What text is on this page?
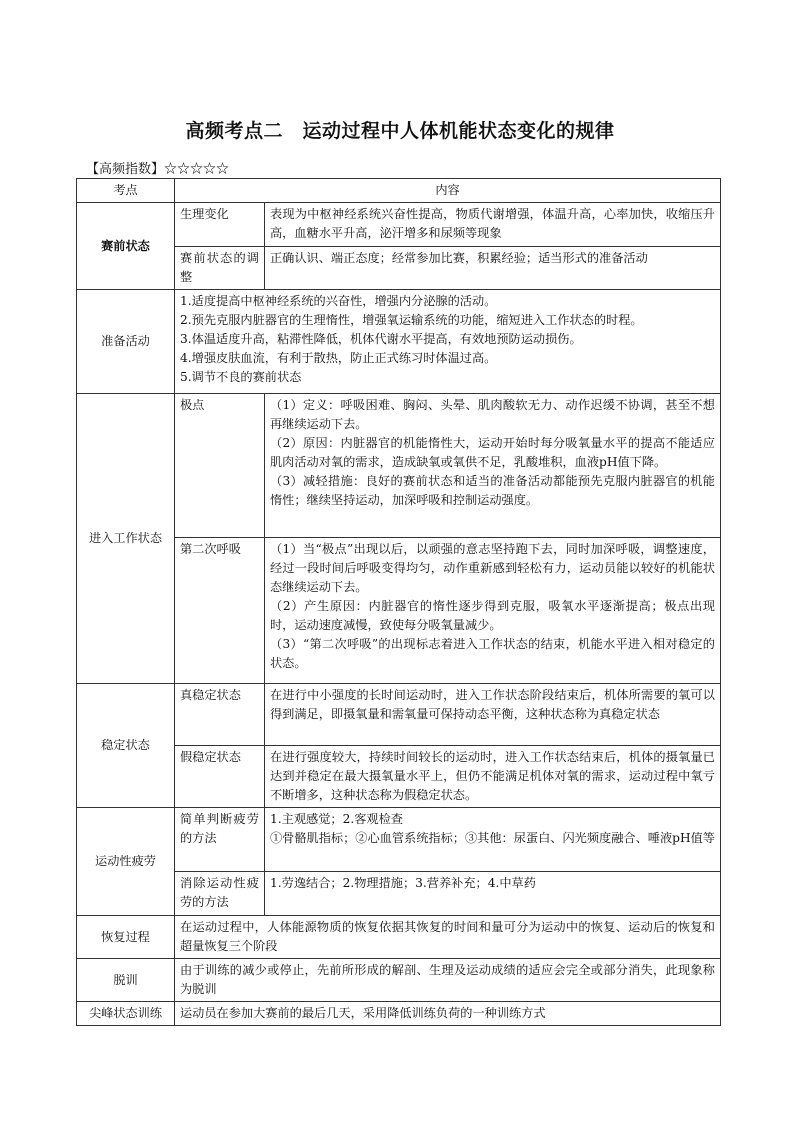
高频考点二　运动过程中人体机能状态变化的规律
【高频指数】☆☆☆☆☆
考点	内容	
赛前状态	生理变化	表现为中枢神经系统兴奋性提高，物质代谢增强，体温升高，心率加快，收缩压升高，血糖水平升高，泌汗增多和尿频等现象
	赛前状态的调整	正确认识、端正态度；经常参加比赛，积累经验；适当形式的准备活动
准备活动	1.适度提高中枢神经系统的兴奋性，增强内分泌腺的活动。

2.预先克服内脏器官的生理惰性，增强氧运输系统的功能，缩短进入工作状态的时程。

3.体温适度升高，粘滞性降低，机体代谢水平提高，有效地预防运动损伤。

4.增强皮肤血流，有利于散热，防止正式练习时体温过高。

5.调节不良的赛前状态	

进入工作状态	极点	（1）定义：呼吸困难、胸闷、头晕、肌肉酸软无力、动作迟缓不协调，甚至不想再继续运动下去。

（2）原因：内脏器官的机能惰性大，运动开始时每分吸氧量水平的提高不能适应肌肉活动对氧的需求，造成缺氧或氧供不足，乳酸堆积，血液pH值下降。

（3）减轻措施：良好的赛前状态和适当的准备活动都能预先克服内脏器官的机能惰性；继续坚持运动，加深呼吸和控制运动强度。

	第二次呼吸	（1）当“极点”出现以后，以顽强的意志坚持跑下去，同时加深呼吸，调整速度，经过一段时间后呼吸变得均匀，动作重新感到轻松有力，运动员能以较好的机能状态继续运动下去。

（2）产生原因：内脏器官的惰性逐步得到克服，吸氧水平逐渐提高；极点出现时，运动速度减慢，致使每分吸氧量减少。

（3）“第二次呼吸”的出现标志着进入工作状态的结束，机能水平进入相对稳定的状态。

稳定状态	真稳定状态	在进行中小强度的长时间运动时，进入工作状态阶段结束后，机体所需要的氧可以得到满足，即摄氧量和需氧量可保持动态平衡，这种状态称为真稳定状态
	假稳定状态	在进行强度较大，持续时间较长的运动时，进入工作状态结束后，机体的摄氧量已达到并稳定在最大摄氧量水平上，但仍不能满足机体对氧的需求，运动过程中氧亏不断增多，这种状态称为假稳定状态。
运动性疲劳	简单判断疲劳的方法	1.主观感觉；2.客观检查

①骨骼肌指标；②心血管系统指标；③其他：尿蛋白、闪光频度融合、唾液pH值等

	消除运动性疲劳的方法	1.劳逸结合；2.物理措施；3.营养补充；4.中草药
恢复过程	在运动过程中，人体能源物质的恢复依据其恢复的时间和量可分为运动中的恢复、运动后的恢复和超量恢复三个阶段	
脱训	由于训练的减少或停止，先前所形成的解剖、生理及运动成绩的适应会完全或部分消失，此现象称为脱训	
尖峰状态训练	运动员在参加大赛前的最后几天，采用降低训练负荷的一种训练方式	
